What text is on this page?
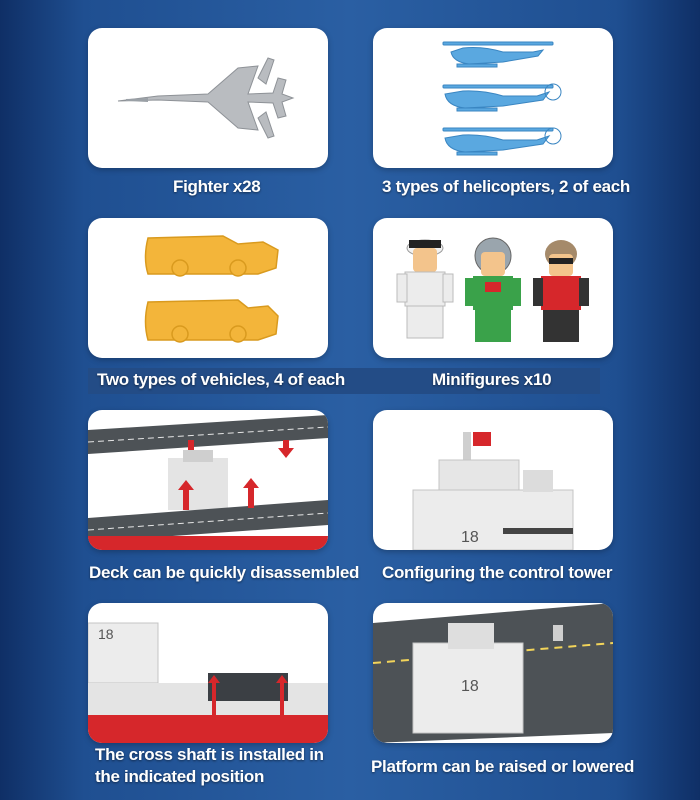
Fighter x28	3 types of helicopters, 2 of each
Two types of vehicles, 4 of each	Minifigures x10
Deck can be quickly disassembled
18
Configuring the control tower
18
The cross shaft is installed in
the indicated position
18
Platform can be raised or lowered
